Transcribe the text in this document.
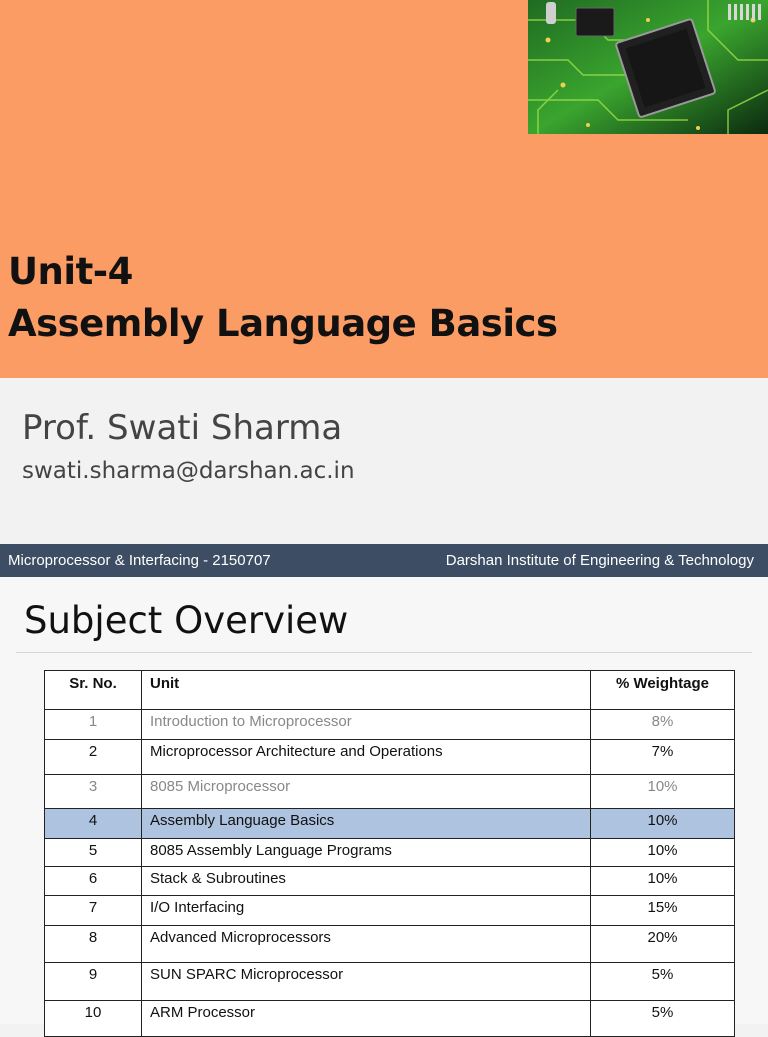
Unit-4
Assembly Language Basics
Prof. Swati Sharma
swati.sharma@darshan.ac.in
Microprocessor & Interfacing - 2150707	Darshan Institute of Engineering & Technology
Subject Overview
Sr. No.	Unit	% Weightage
1	Introduction to Microprocessor	8%
2	Microprocessor Architecture and Operations	7%
3	8085 Microprocessor	10%
4	Assembly Language Basics	10%
5	8085 Assembly Language Programs	10%
6	Stack & Subroutines	10%
7	I/O Interfacing	15%
8	Advanced Microprocessors	20%
9	SUN SPARC Microprocessor	5%
10	ARM Processor	5%
